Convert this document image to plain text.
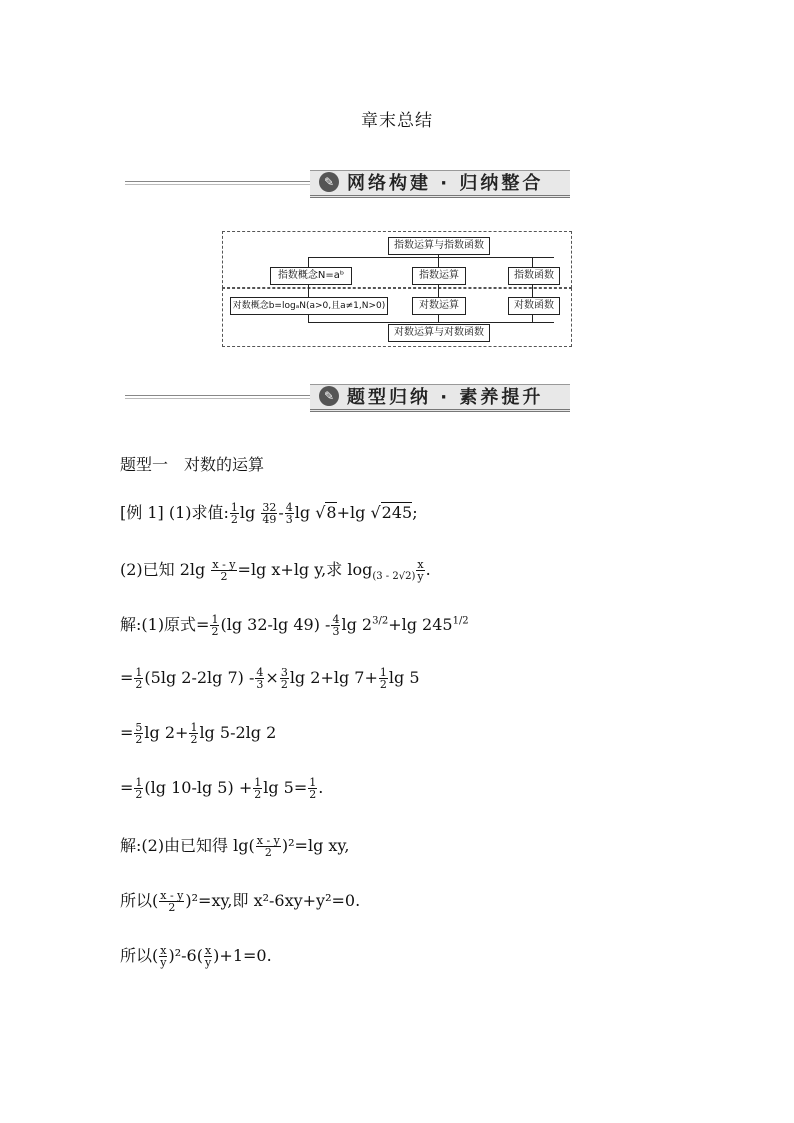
章末总结
✎ 网络构建 · 归纳整合
指数运算与指数函数
指数概念N=aᵇ	指数运算	指数函数
对数概念b=logₐN(a>0,且a≠1,N>0)	对数运算	对数函数
对数运算与对数函数
✎ 题型归纳 · 素养提升
题型一　对数的运算
[例 1] (1)求值: $\frac{1}{2}$ $\lg \frac{32}{49} - \frac{4}{3}$ lg √8+lg √245;
(2)已知 $2\lg \frac{x - y}{2} =\lg$ x+lg y,求 $\log_{(3 - 2√2)} \frac{x}{y}$ .
解:(1)原式= $\frac{1}{2} (\lg$ 32-lg $49) - \frac{4}{3}$ $\lg 2^{3/2}+\lg$ $245^{1/2}$
= $\frac{1}{2} (5\lg$ 2-2lg $7) - \frac{4}{3} \times \frac{3}{2}$ lg 2+lg $7+ \frac{1}{2}$ lg 5
= $\frac{5}{2}$ $\lg 2+ \frac{1}{2}$ lg 5-2lg 2
= $\frac{1}{2} (\lg$ 10-lg $5) + \frac{1}{2}$ $\lg 5= \frac{1}{2}$ .
解:(2)由已知得 $\lg( \frac{x - y}{2} )^2=\lg$ xy,
所以( $\frac{x - y}{2} )^2=xy$,即 x²-6xy+y²=0.
所以( $\frac{x}{y} )^2-6( \frac{x}{y} )+1=0$.
